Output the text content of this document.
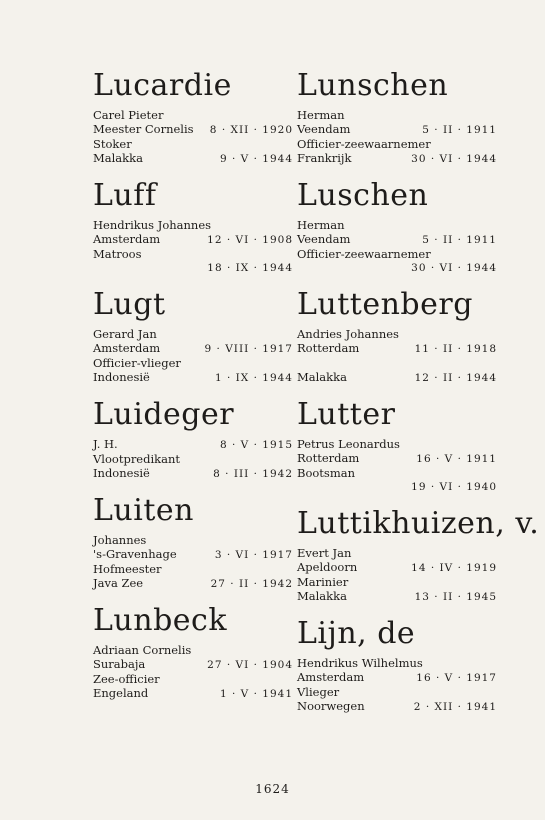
Lucardie
Carel Pieter
Meester Cornelis 8 · XII · 1920
Stoker
Malakka	9 · V · 1944
Luff
Hendrikus Johannes
Amsterdam	12 · VI · 1908
Matroos
18 · IX · 1944
Lugt
Gerard Jan
Amsterdam	9 · VIII · 1917
Officier-vlieger
Indonesië	1 · IX · 1944
Luideger
J. H.	8 · V · 1915
Vlootpredikant
Indonesië	8 · III · 1942
Luiten
Johannes
's-Gravenhage	3 · VI · 1917
Hofmeester
Java Zee	27 · II · 1942
Lunbeck
Adriaan Cornelis
Surabaja	27 · VI · 1904
Zee-officier
Engeland	1 · V · 1941
Lunschen
Herman
Veendam	5 · II · 1911
Officier-zeewaarnemer
Frankrijk	30 · VI · 1944
Luschen
Herman
Veendam	5 · II · 1911
Officier-zeewaarnemer
30 · VI · 1944
Luttenberg
Andries Johannes
Rotterdam	11 · II · 1918

Malakka	12 · II · 1944
Lutter
Petrus Leonardus
Rotterdam	16 · V · 1911
Bootsman
19 · VI · 1940
Luttikhuizen, v.
Evert Jan
Apeldoorn	14 · IV · 1919
Marinier
Malakka	13 · II · 1945
Lijn, de
Hendrikus Wilhelmus
Amsterdam	16 · V · 1917
Vlieger
Noorwegen	2 · XII · 1941
1624
